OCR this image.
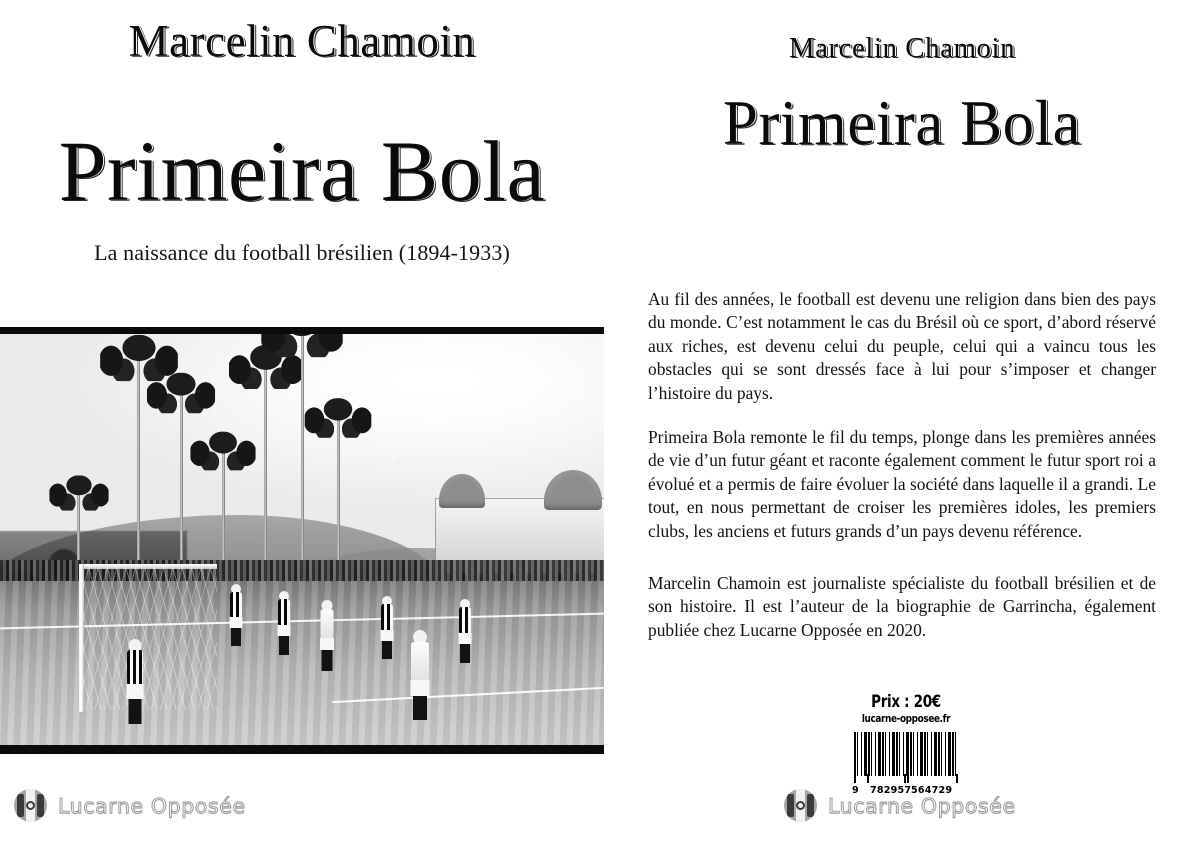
Marcelin Chamoin
Primeira Bola
La naissance du football brésilien (1894-1933)
Lucarne Opposée
Marcelin Chamoin
Primeira Bola

Au fil des années, le football est devenu une religion dans bien des pays du monde. C’est notamment le cas du Brésil où ce sport, d’abord réservé aux riches, est devenu celui du peuple, celui qui a vaincu tous les obstacles qui se sont dressés face à lui pour s’imposer et changer l’histoire du pays.

Primeira Bola remonte le fil du temps, plonge dans les premières années de vie d’un futur géant et raconte également comment le futur sport roi a évolué et a permis de faire évoluer la société dans laquelle il a grandi. Le tout, en nous permettant de croiser les premières idoles, les premiers clubs, les anciens et futurs grands d’un pays devenu référence.

Marcelin Chamoin est journaliste spécialiste du football brésilien et de son histoire. Il est l’auteur de la biographie de Garrincha, également publiée chez Lucarne Opposée en 2020.

Lucarne Opposée
Prix : 20€
lucarne-opposee.fr
9 782957 564729
